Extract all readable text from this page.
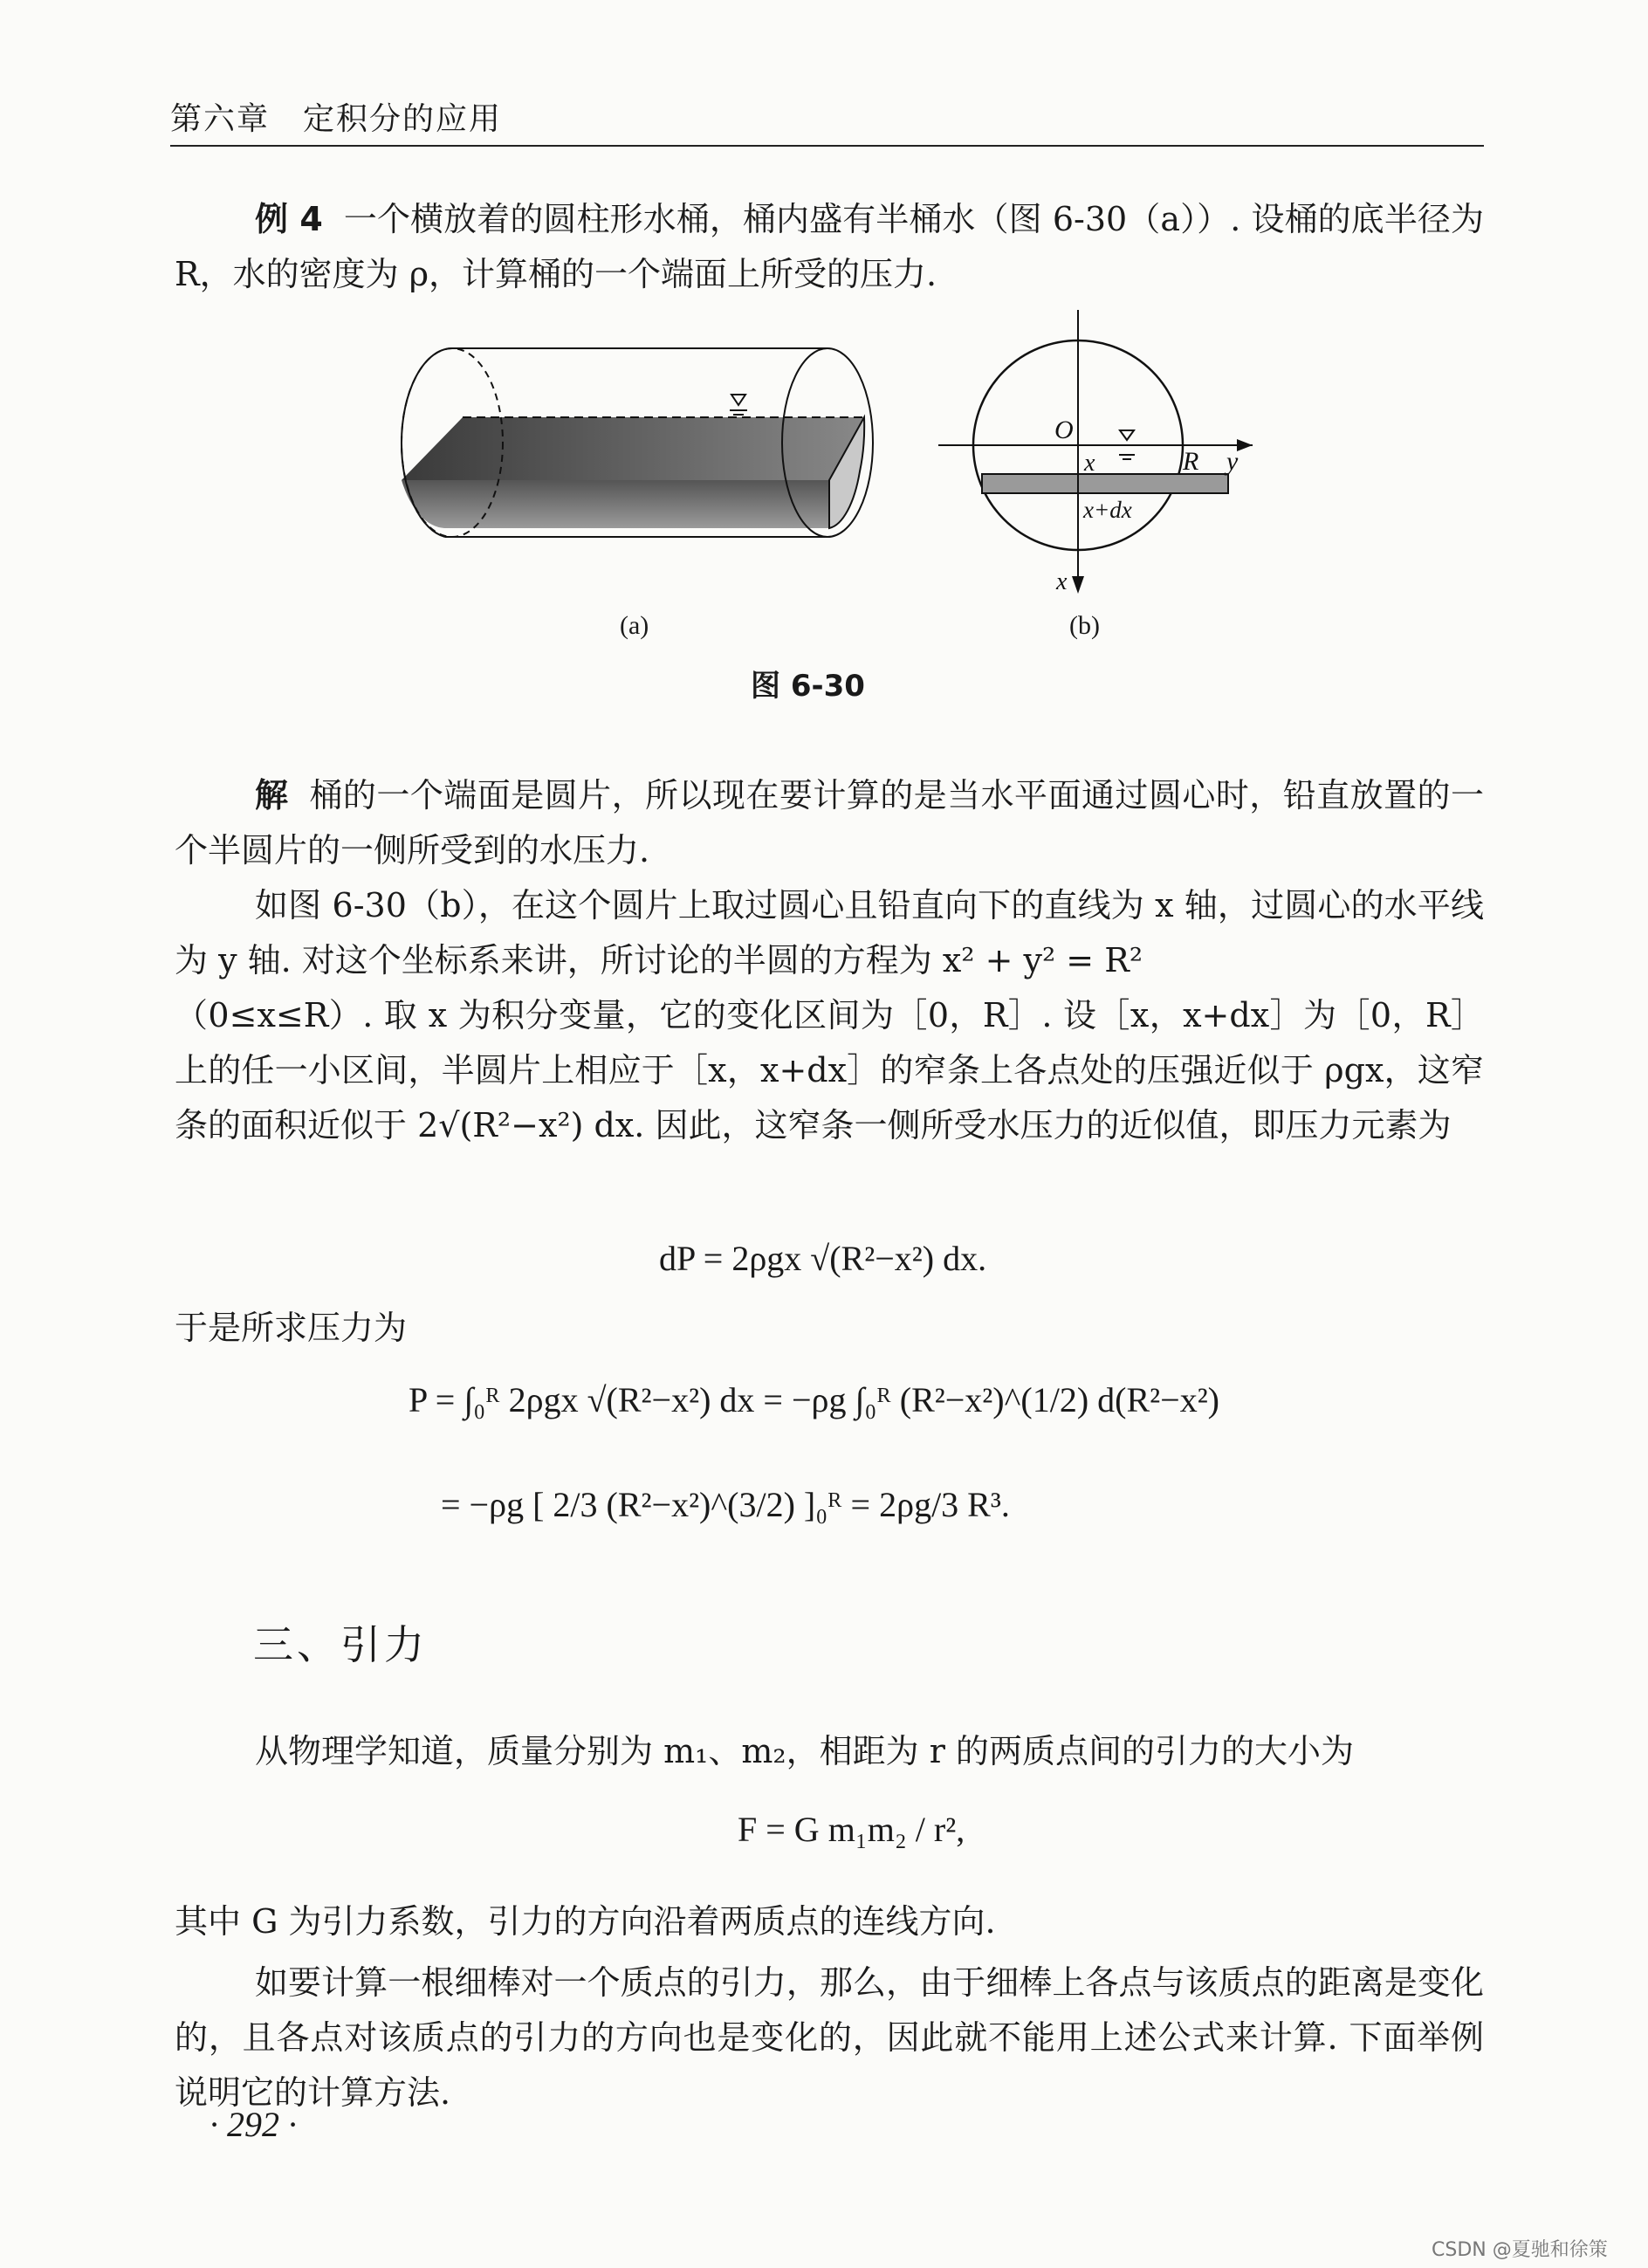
第六章 定积分的应用

例 4 一个横放着的圆柱形水桶，桶内盛有半桶水（图 6-30（a））. 设桶的底半径为 R，水的密度为 ρ，计算桶的一个端面上所受的压力.

(a)
O
x	R y
x+dx
x
(b)
图 6-30

解 桶的一个端面是圆片，所以现在要计算的是当水平面通过圆心时，铅直放置的一个半圆片的一侧所受到的水压力.

如图 6-30（b），在这个圆片上取过圆心且铅直向下的直线为 x 轴，过圆心的水平线为 y 轴. 对这个坐标系来讲，所讨论的半圆的方程为 x² + y² = R²

（0≤x≤R）. 取 x 为积分变量，它的变化区间为［0，R］. 设［x，x+dx］为［0，R］上的任一小区间，半圆片上相应于［x，x+dx］的窄条上各点处的压强近似于 ρgx，这窄条的面积近似于 2√(R²−x²) dx. 因此，这窄条一侧所受水压力的近似值，即压力元素为

dP = 2ρgx √(R²−x²) dx.

于是所求压力为

P = ∫₀ᴿ 2ρgx √(R²−x²) dx = −ρg ∫₀ᴿ (R²−x²)^(1/2) d(R²−x²)
= −ρg [ 2/3 (R²−x²)^(3/2) ]₀ᴿ = 2ρg/3 R³.
三、引力

从物理学知道，质量分别为 m₁、m₂，相距为 r 的两质点间的引力的大小为

F = G m₁m₂ / r²,

其中 G 为引力系数，引力的方向沿着两质点的连线方向.

如要计算一根细棒对一个质点的引力，那么，由于细棒上各点与该质点的距离是变化的，且各点对该质点的引力的方向也是变化的，因此就不能用上述公式来计算. 下面举例说明它的计算方法.

· 292 ·
CSDN @夏驰和徐策
